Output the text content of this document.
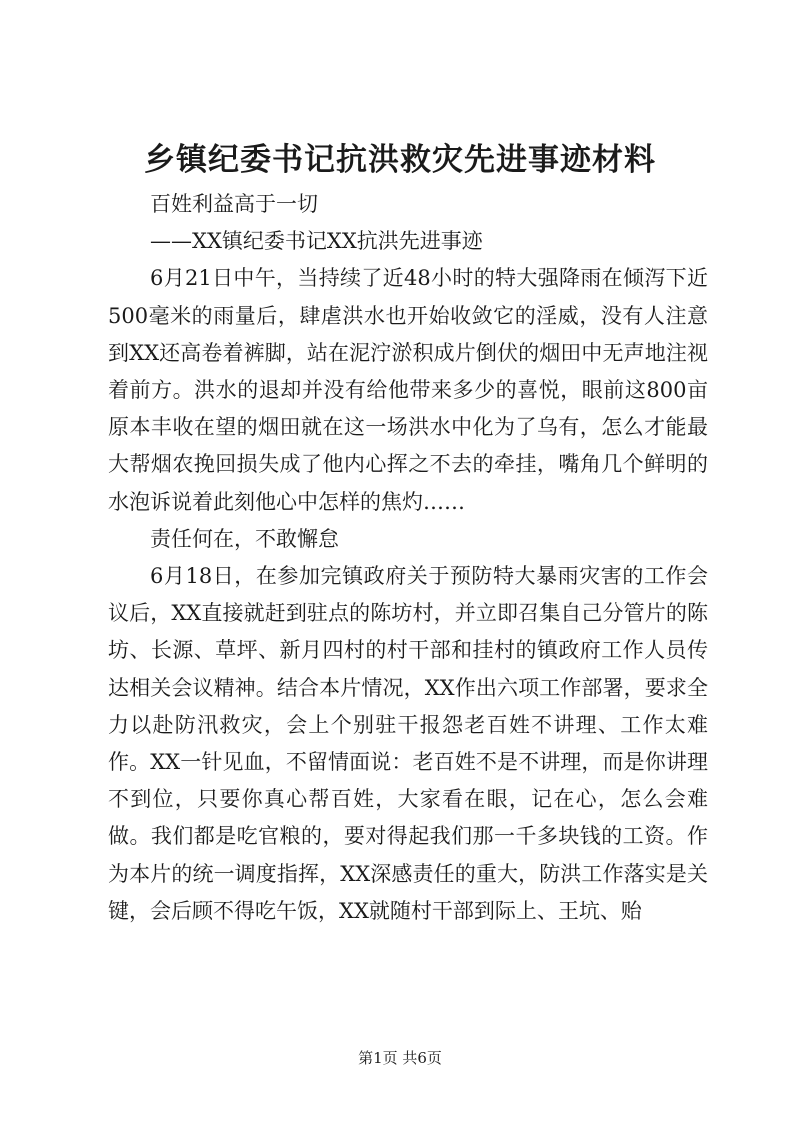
乡镇纪委书记抗洪救灾先进事迹材料

百姓利益高于一切

——XX镇纪委书记XX抗洪先进事迹

6月21日中午，当持续了近48小时的特大强降雨在倾泻下近500毫米的雨量后，肆虐洪水也开始收敛它的淫威，没有人注意到XX还高卷着裤脚，站在泥泞淤积成片倒伏的烟田中无声地注视着前方。洪水的退却并没有给他带来多少的喜悦，眼前这800亩原本丰收在望的烟田就在这一场洪水中化为了乌有，怎么才能最大帮烟农挽回损失成了他内心挥之不去的牵挂，嘴角几个鲜明的水泡诉说着此刻他心中怎样的焦灼……

责任何在，不敢懈怠

6月18日，在参加完镇政府关于预防特大暴雨灾害的工作会议后，XX直接就赶到驻点的陈坊村，并立即召集自己分管片的陈坊、长源、草坪、新月四村的村干部和挂村的镇政府工作人员传达相关会议精神。结合本片情况，XX作出六项工作部署，要求全力以赴防汛救灾，会上个别驻干报怨老百姓不讲理、工作太难作。XX一针见血，不留情面说：老百姓不是不讲理，而是你讲理不到位，只要你真心帮百姓，大家看在眼，记在心，怎么会难做。我们都是吃官粮的，要对得起我们那一千多块钱的工资。作为本片的统一调度指挥，XX深感责任的重大，防洪工作落实是关键，会后顾不得吃午饭，XX就随村干部到际上、王坑、贻

第1页 共6页
